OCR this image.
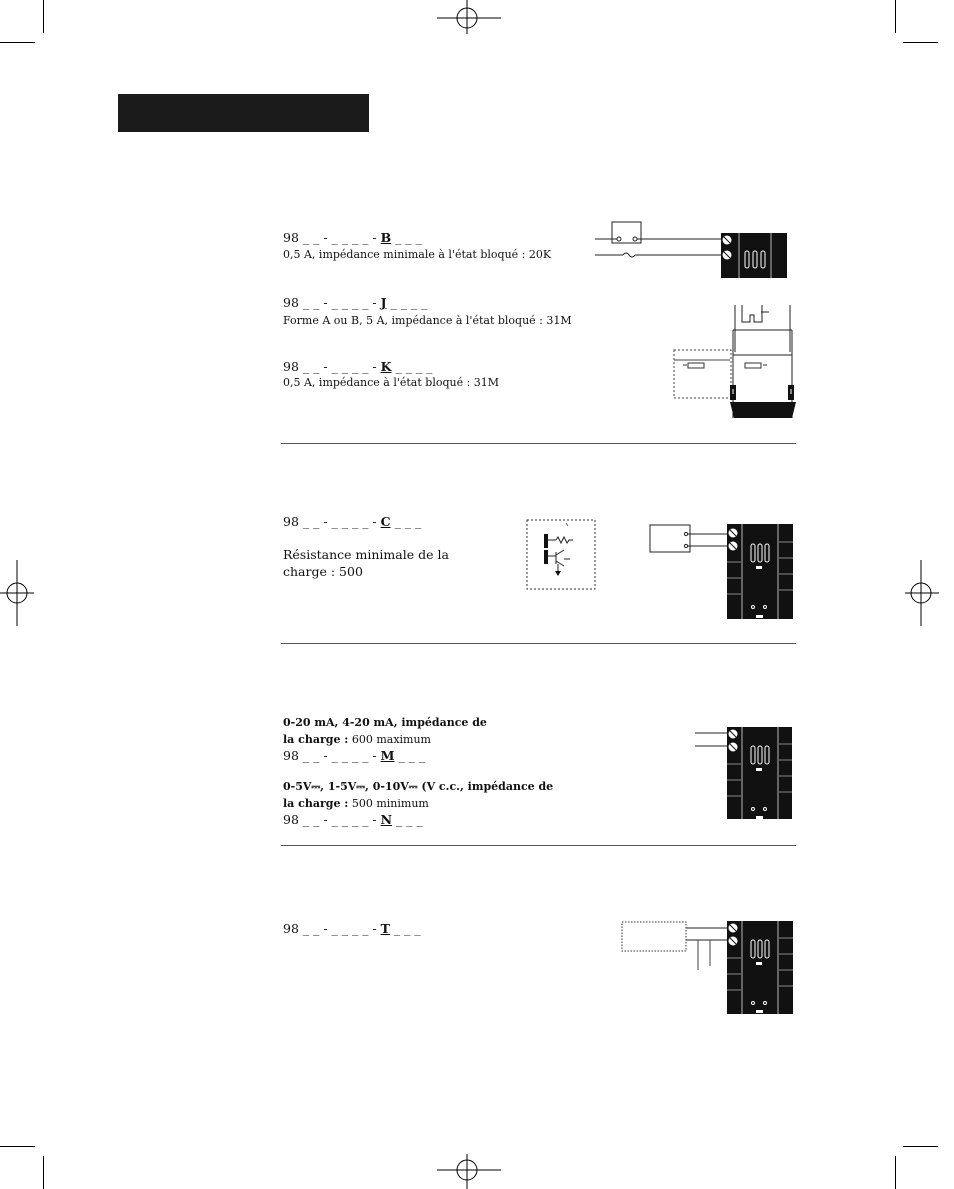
98 _ _ - _ _ _ _ - B _ _ _
0,5 A, impédance minimale à l'état bloqué : 20K
98 _ _ - _ _ _ _ - J _ _ _ _
Forme A ou B, 5 A, impédance à l'état bloqué : 31M
98 _ _ - _ _ _ _ - K _ _ _ _
0,5 A, impédance à l'état bloqué : 31M
98 _ _ - _ _ _ _ - C _ _ _
Résistance minimale de la
charge : 500
0-20 mA, 4-20 mA, impédance de
la charge : 600 maximum
98 _ _ - _ _ _ _ - M _ _ _
0-5V⎓, 1-5V⎓, 0-10V⎓ (V c.c., impédance de
la charge : 500 minimum
98 _ _ - _ _ _ _ - N _ _ _
98 _ _ - _ _ _ _ - T _ _ _
